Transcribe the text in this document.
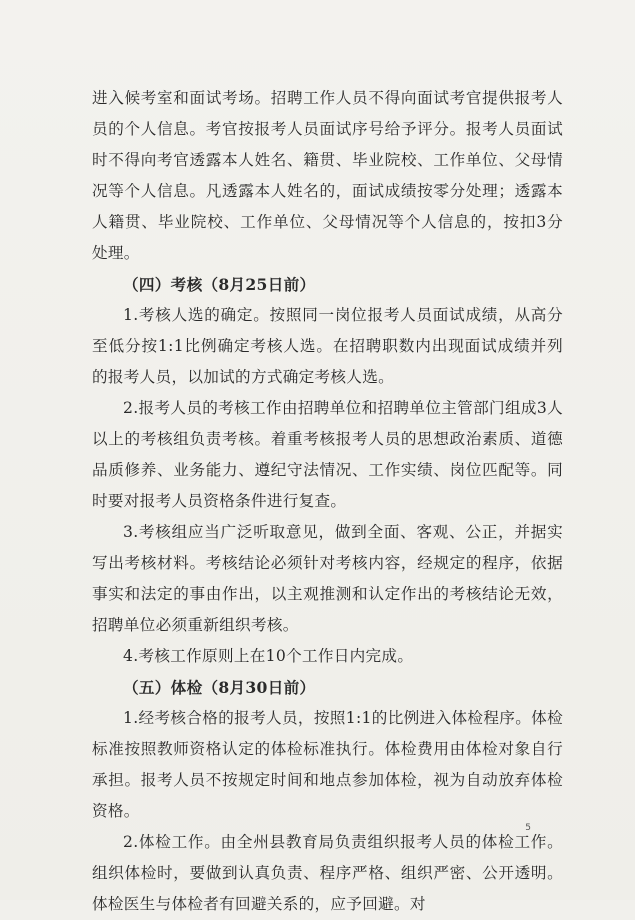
进入候考室和面试考场。招聘工作人员不得向面试考官提供报考人员的个人信息。考官按报考人员面试序号给予评分。报考人员面试时不得向考官透露本人姓名、籍贯、毕业院校、工作单位、父母情况等个人信息。凡透露本人姓名的，面试成绩按零分处理；透露本人籍贯、毕业院校、工作单位、父母情况等个人信息的，按扣3分处理。

（四）考核（8月25日前）

1.考核人选的确定。按照同一岗位报考人员面试成绩，从高分至低分按1:1比例确定考核人选。在招聘职数内出现面试成绩并列的报考人员，以加试的方式确定考核人选。

2.报考人员的考核工作由招聘单位和招聘单位主管部门组成3人以上的考核组负责考核。着重考核报考人员的思想政治素质、道德品质修养、业务能力、遵纪守法情况、工作实绩、岗位匹配等。同时要对报考人员资格条件进行复查。

3.考核组应当广泛听取意见，做到全面、客观、公正，并据实写出考核材料。考核结论必须针对考核内容，经规定的程序，依据事实和法定的事由作出，以主观推测和认定作出的考核结论无效，招聘单位必须重新组织考核。

4.考核工作原则上在10个工作日内完成。

（五）体检（8月30日前）

1.经考核合格的报考人员，按照1:1的比例进入体检程序。体检标准按照教师资格认定的体检标准执行。体检费用由体检对象自行承担。报考人员不按规定时间和地点参加体检，视为自动放弃体检资格。

2.体检工作。由全州县教育局负责组织报考人员的体检工作。组织体检时，要做到认真负责、程序严格、组织严密、公开透明。体检医生与体检者有回避关系的，应予回避。对

5
